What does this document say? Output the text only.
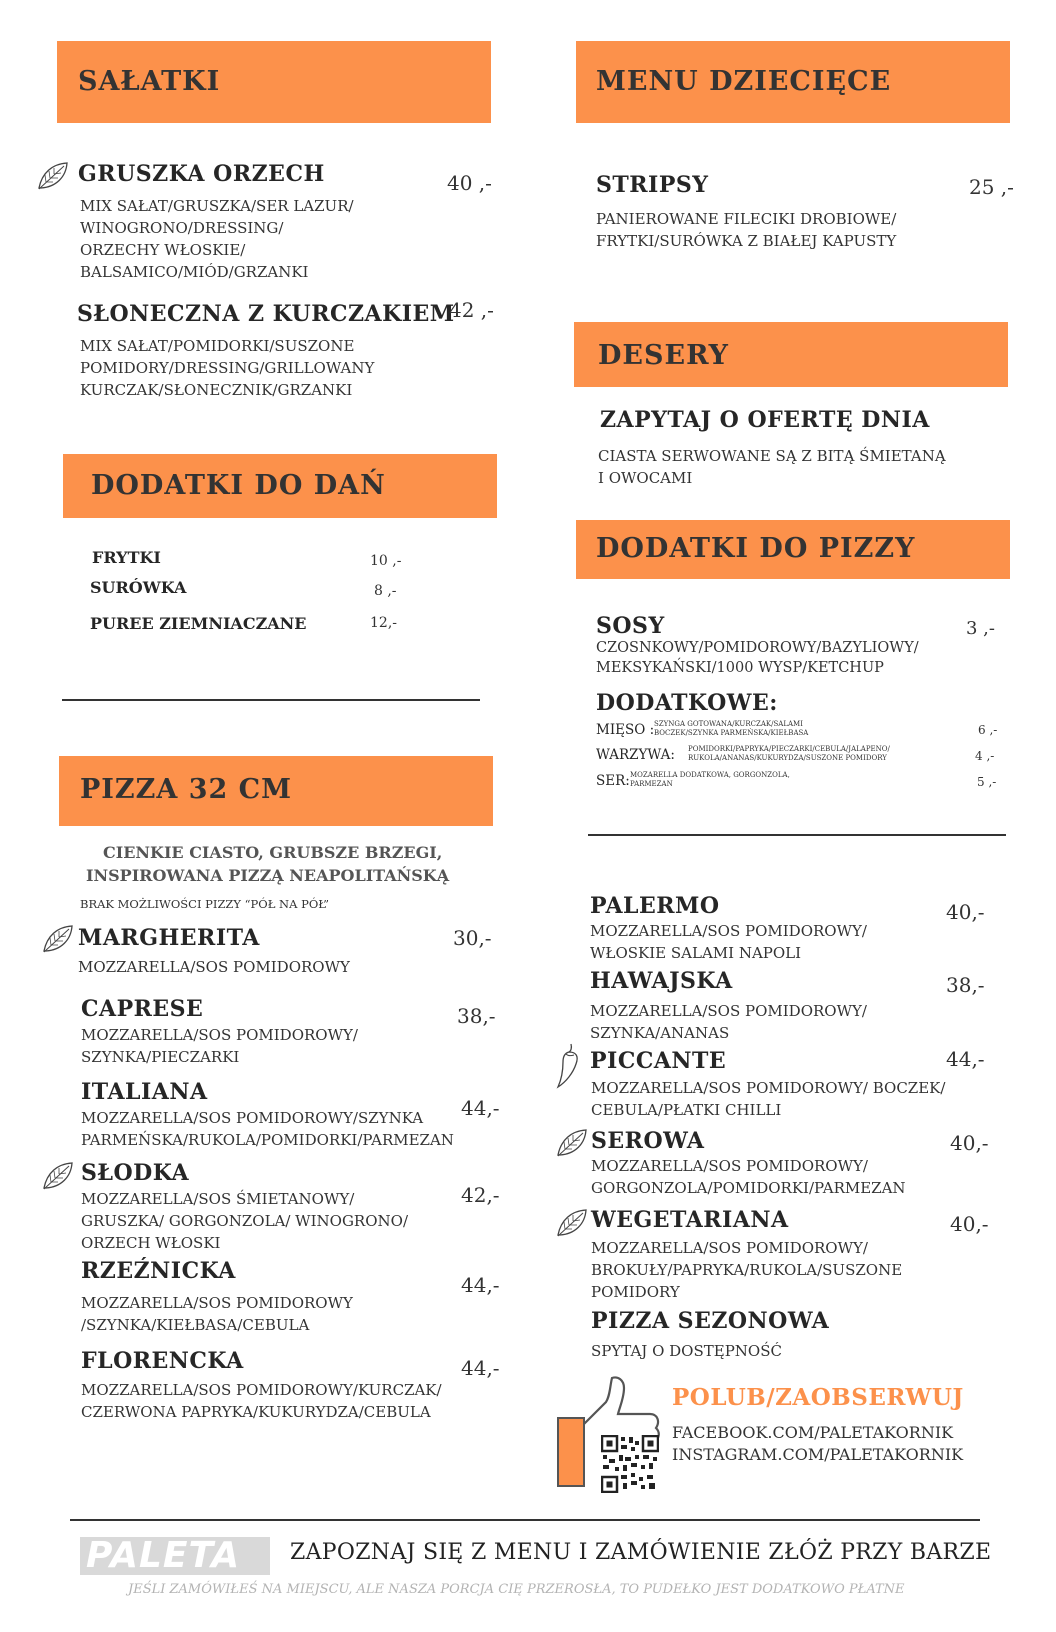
SAŁATKI
GRUSZKA ORZECH	40 ,-
MIX SAŁAT/GRUSZKA/SER LAZUR/
WINOGRONO/DRESSING/
ORZECHY WŁOSKIE/
BALSAMICO/MIÓD/GRZANKI
SŁONECZNA Z KURCZAKIEM
42 ,-
MIX SAŁAT/POMIDORKI/SUSZONE
POMIDORY/DRESSING/GRILLOWANY
KURCZAK/SŁONECZNIK/GRZANKI
DODATKI DO DAŃ
FRYTKI	10 ,-
SURÓWKA	8 ,-
PUREE ZIEMNIACZANE	12,-
PIZZA 32 CM
CIENKIE CIASTO, GRUBSZE BRZEGI,
INSPIROWANA PIZZĄ NEAPOLITAŃSKĄ
BRAK MOŻLIWOŚCI PIZZY “PÓŁ NA PÓŁ”
MARGHERITA	30,-
MOZZARELLA/SOS POMIDOROWY
CAPRESE	38,-
MOZZARELLA/SOS POMIDOROWY/
SZYNKA/PIECZARKI
ITALIANA
44,-
MOZZARELLA/SOS POMIDOROWY/SZYNKA
PARMEŃSKA/RUKOLA/POMIDORKI/PARMEZAN
SŁODKA
42,-
MOZZARELLA/SOS ŚMIETANOWY/
GRUSZKA/ GORGONZOLA/ WINOGRONO/
ORZECH WŁOSKI
RZEŹNICKA
44,-
MOZZARELLA/SOS POMIDOROWY
/SZYNKA/KIEŁBASA/CEBULA
FLORENCKA	44,-
MOZZARELLA/SOS POMIDOROWY/KURCZAK/
CZERWONA PAPRYKA/KUKURYDZA/CEBULA
MENU DZIECIĘCE
STRIPSY	25 ,-
PANIEROWANE FILECIKI DROBIOWE/
FRYTKI/SURÓWKA Z BIAŁEJ KAPUSTY
DESERY
ZAPYTAJ O OFERTĘ DNIA
CIASTA SERWOWANE SĄ Z BITĄ ŚMIETANĄ
I OWOCAMI
DODATKI DO PIZZY
SOSY	3 ,-
CZOSNKOWY/POMIDOROWY/BAZYLIOWY/
MEKSYKAŃSKI/1000 WYSP/KETCHUP
DODATKOWE:
MIĘSO : SZYNGA GOTOWANA/KURCZAK/SALAMI
BOCZEK/SZYNKA PARMEŃSKA/KIEŁBASA	6 ,-
WARZYWA: POMIDORKI/PAPRYKA/PIECZARKI/CEBULA/JALAPENO/
RUKOLA/ANANAS/KUKURYDZA/SUSZONE POMIDORY	4 ,-
SER: MOZARELLA DODATKOWA, GORGONZOLA,
PARMEZAN	5 ,-
PALERMO	40,-
MOZZARELLA/SOS POMIDOROWY/
WŁOSKIE SALAMI NAPOLI
HAWAJSKA	38,-
MOZZARELLA/SOS POMIDOROWY/
SZYNKA/ANANAS
PICCANTE	44,-
MOZZARELLA/SOS POMIDOROWY/ BOCZEK/
CEBULA/PŁATKI CHILLI
SEROWA	40,-
MOZZARELLA/SOS POMIDOROWY/
GORGONZOLA/POMIDORKI/PARMEZAN
WEGETARIANA	40,-
MOZZARELLA/SOS POMIDOROWY/
BROKUŁY/PAPRYKA/RUKOLA/SUSZONE
POMIDORY
PIZZA SEZONOWA
SPYTAJ O DOSTĘPNOŚĆ
POLUB/ZAOBSERWUJ
FACEBOOK.COM/PALETAKORNIK
INSTAGRAM.COM/PALETAKORNIK
PALETA ZAPOZNAJ SIĘ Z MENU I ZAMÓWIENIE ZŁÓŻ PRZY BARZE
JEŚLI ZAMÓWIŁEŚ NA MIEJSCU, ALE NASZA PORCJA CIĘ PRZEROSŁA, TO PUDEŁKO JEST DODATKOWO PŁATNE
